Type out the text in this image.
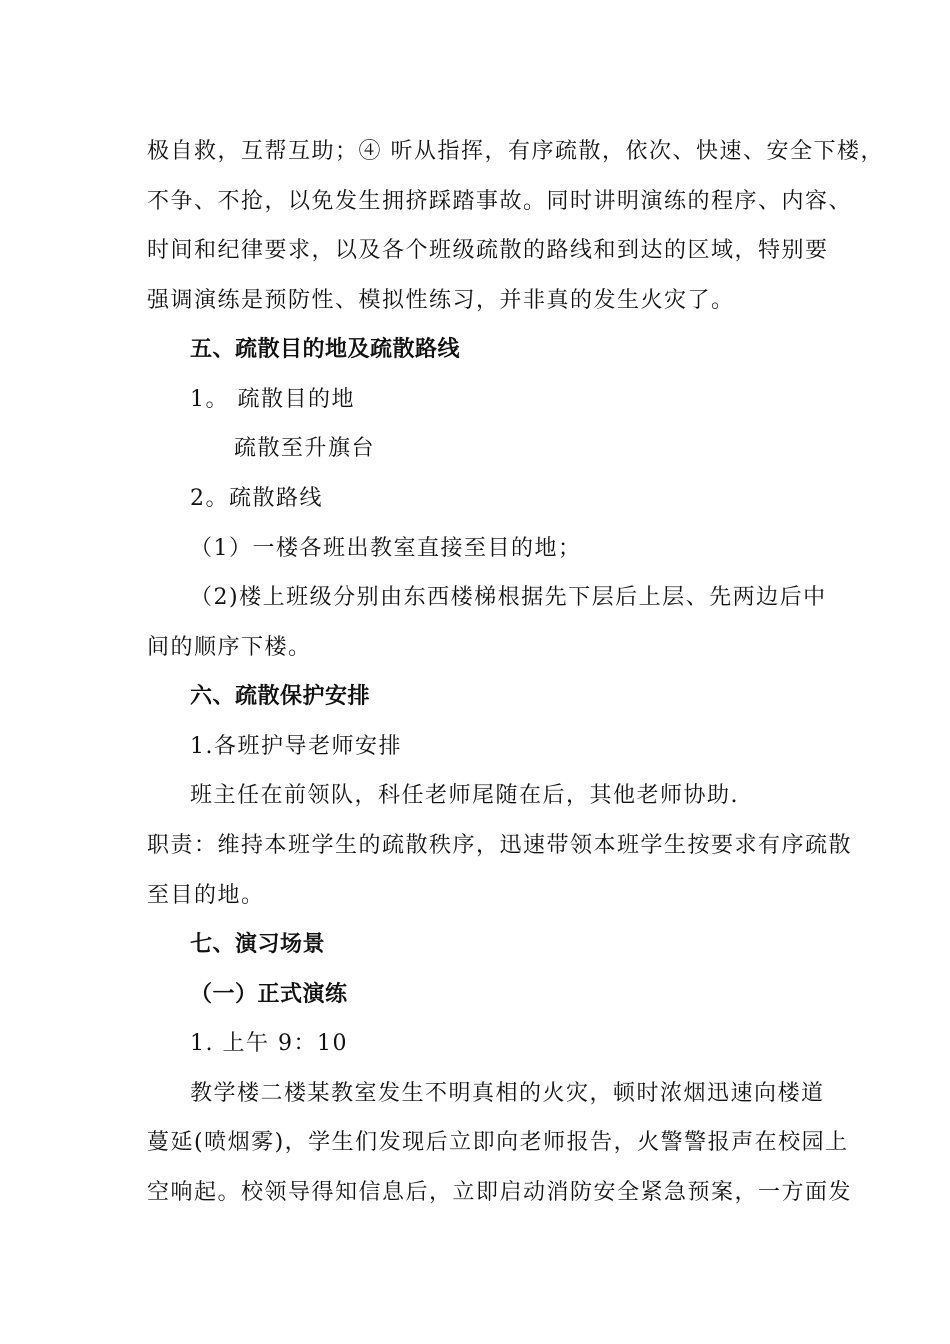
极自救，互帮互助；④ 听从指挥，有序疏散，依次、快速、安全下楼，
不争、不抢，以免发生拥挤踩踏事故。同时讲明演练的程序、内容、
时间和纪律要求，以及各个班级疏散的路线和到达的区域，特别要
强调演练是预防性、模拟性练习，并非真的发生火灾了。
五、疏散目的地及疏散路线
1。 疏散目的地
疏散至升旗台
2。疏散路线
（1）一楼各班出教室直接至目的地；
（2)楼上班级分别由东西楼梯根据先下层后上层、先两边后中
间的顺序下楼。
六、疏散保护安排
1.各班护导老师安排
班主任在前领队，科任老师尾随在后，其他老师协助.
职责：维持本班学生的疏散秩序，迅速带领本班学生按要求有序疏散
至目的地。
七、演习场景
（一）正式演练
1. 上午 9：10
教学楼二楼某教室发生不明真相的火灾，顿时浓烟迅速向楼道
蔓延(喷烟雾)，学生们发现后立即向老师报告，火警警报声在校园上
空响起。校领导得知信息后，立即启动消防安全紧急预案，一方面发
